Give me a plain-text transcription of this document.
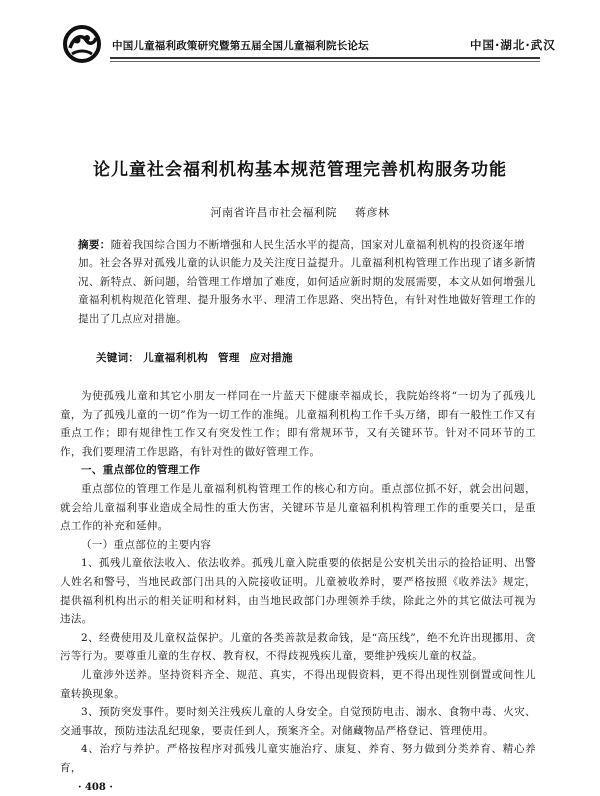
中国儿童福利政策研究暨第五届全国儿童福利院长论坛	中国·湖北·武汉
论儿童社会福利机构基本规范管理完善机构服务功能
河南省许昌市社会福利院 蒋彦林
摘要：随着我国综合国力不断增强和人民生活水平的提高，国家对儿童福利机构的投资逐年增加。社会各界对孤残儿童的认识能力及关注度日益提升。儿童福利机构管理工作出现了诸多新情况、新特点、新问题，给管理工作增加了难度，如何适应新时期的发展需要，本文从如何增强儿童福利机构规范化管理、提升服务水平、理清工作思路、突出特色，有针对性地做好管理工作的提出了几点应对措施。
关键词： 儿童福利机构 管理 应对措施

为使孤残儿童和其它小朋友一样同在一片蓝天下健康幸福成长，我院始终将“一切为了孤残儿童，为了孤残儿童的一切”作为一切工作的准绳。儿童福利机构工作千头万绪，即有一般性工作又有重点工作；即有规律性工作又有突发性工作；即有常规环节，又有关键环节。针对不同环节的工作，我们要理清工作思路，有针对性的做好管理工作。

一、重点部位的管理工作

重点部位的管理工作是儿童福利机构管理工作的核心和方向。重点部位抓不好，就会出问题，就会给儿童福利事业造成全局性的重大伤害，关键环节是儿童福利机构管理工作的重要关口，是重点工作的补充和延伸。

（一）重点部位的主要内容

1、孤残儿童依法收入、依法收养。孤残儿童入院重要的依据是公安机关出示的捡拾证明、出警人姓名和警号，当地民政部门出具的入院接收证明。儿童被收养时，要严格按照《收养法》规定，提供福利机构出示的相关证明和材料，由当地民政部门办理领养手续，除此之外的其它做法可视为违法。

2、经费使用及儿童权益保护。儿童的各类善款是救命钱，是“高压线”，绝不允许出现挪用、贪污等行为。要尊重儿童的生存权、教育权，不得歧视残疾儿童，要维护残疾儿童的权益。

儿童涉外送养。坚持资料齐全、规范、真实，不得出现假资料，更不得出现性别倒置或间性儿童转换现象。

3、预防突发事件。要时刻关注残疾儿童的人身安全。自觉预防电击、溺水、食物中毒、火灾、交通事故，预防违法乱纪现象，要责任到人，预案齐全。对储藏物品严格登记、管理使用。

4、治疗与养护。严格按程序对孤残儿童实施治疗、康复、养育、努力做到分类养育、精心养育，

· 408 ·
